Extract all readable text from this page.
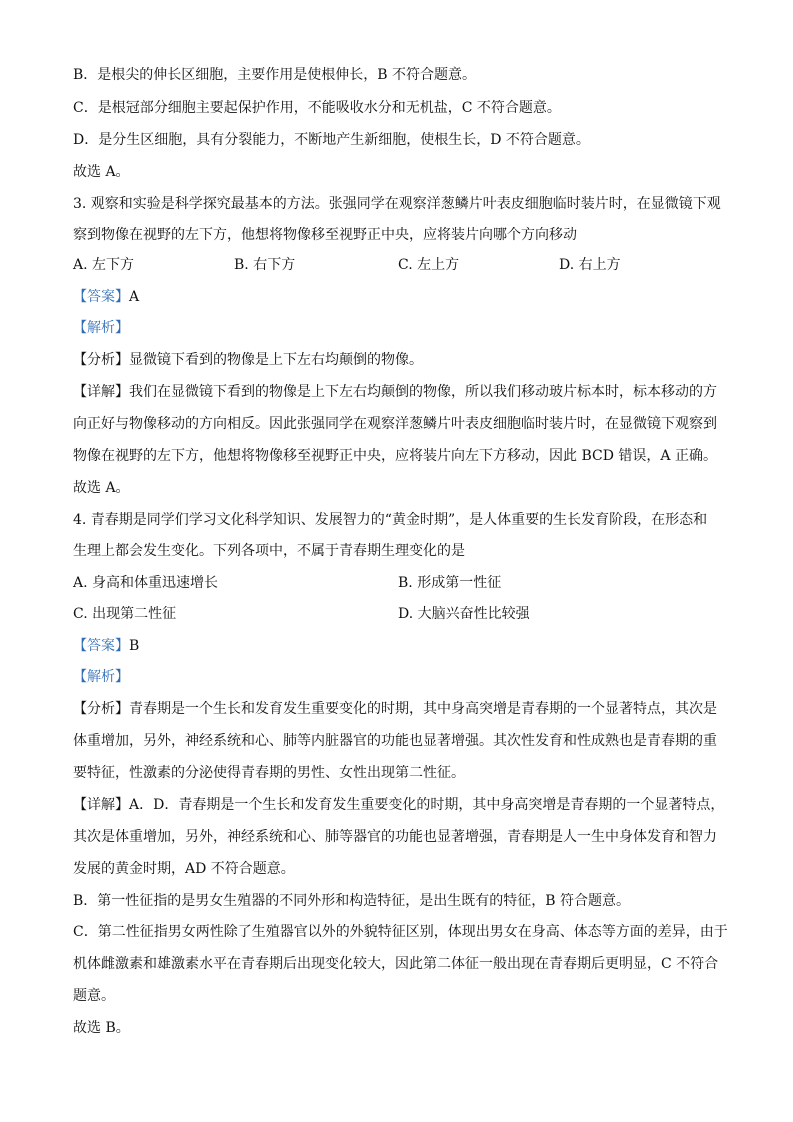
B．是根尖的伸长区细胞，主要作用是使根伸长，B 不符合题意。
C．是根冠部分细胞主要起保护作用，不能吸收水分和无机盐，C 不符合题意。
D．是分生区细胞，具有分裂能力，不断地产生新细胞，使根生长，D 不符合题意。
故选 A。
3. 观察和实验是科学探究最基本的方法。张强同学在观察洋葱鳞片叶表皮细胞临时装片时，在显微镜下观
察到物像在视野的左下方，他想将物像移至视野正中央，应将装片向哪个方向移动
A. 左下方	B. 右下方	C. 左上方	D. 右上方
【答案】A
【解析】
【分析】显微镜下看到的物像是上下左右均颠倒的物像。
【详解】我们在显微镜下看到的物像是上下左右均颠倒的物像，所以我们移动玻片标本时，标本移动的方
向正好与物像移动的方向相反。因此张强同学在观察洋葱鳞片叶表皮细胞临时装片时，在显微镜下观察到
物像在视野的左下方，他想将物像移至视野正中央，应将装片向左下方移动，因此 BCD 错误，A 正确。
故选 A。
4. 青春期是同学们学习文化科学知识、发展智力的“黄金时期”，是人体重要的生长发育阶段，在形态和
生理上都会发生变化。下列各项中，不属于青春期生理变化的是
A. 身高和体重迅速增长	B. 形成第一性征
C. 出现第二性征	D. 大脑兴奋性比较强
【答案】B
【解析】
【分析】青春期是一个生长和发育发生重要变化的时期，其中身高突增是青春期的一个显著特点，其次是
体重增加，另外，神经系统和心、肺等内脏器官的功能也显著增强。其次性发育和性成熟也是青春期的重
要特征，性激素的分泌使得青春期的男性、女性出现第二性征。
【详解】A．D．青春期是一个生长和发育发生重要变化的时期，其中身高突增是青春期的一个显著特点，
其次是体重增加，另外，神经系统和心、肺等器官的功能也显著增强，青春期是人一生中身体发育和智力
发展的黄金时期，AD 不符合题意。
B．第一性征指的是男女生殖器的不同外形和构造特征，是出生既有的特征，B 符合题意。
C．第二性征指男女两性除了生殖器官以外的外貌特征区别，体现出男女在身高、体态等方面的差异，由于
机体雌激素和雄激素水平在青春期后出现变化较大，因此第二体征一般出现在青春期后更明显，C 不符合
题意。
故选 B。
